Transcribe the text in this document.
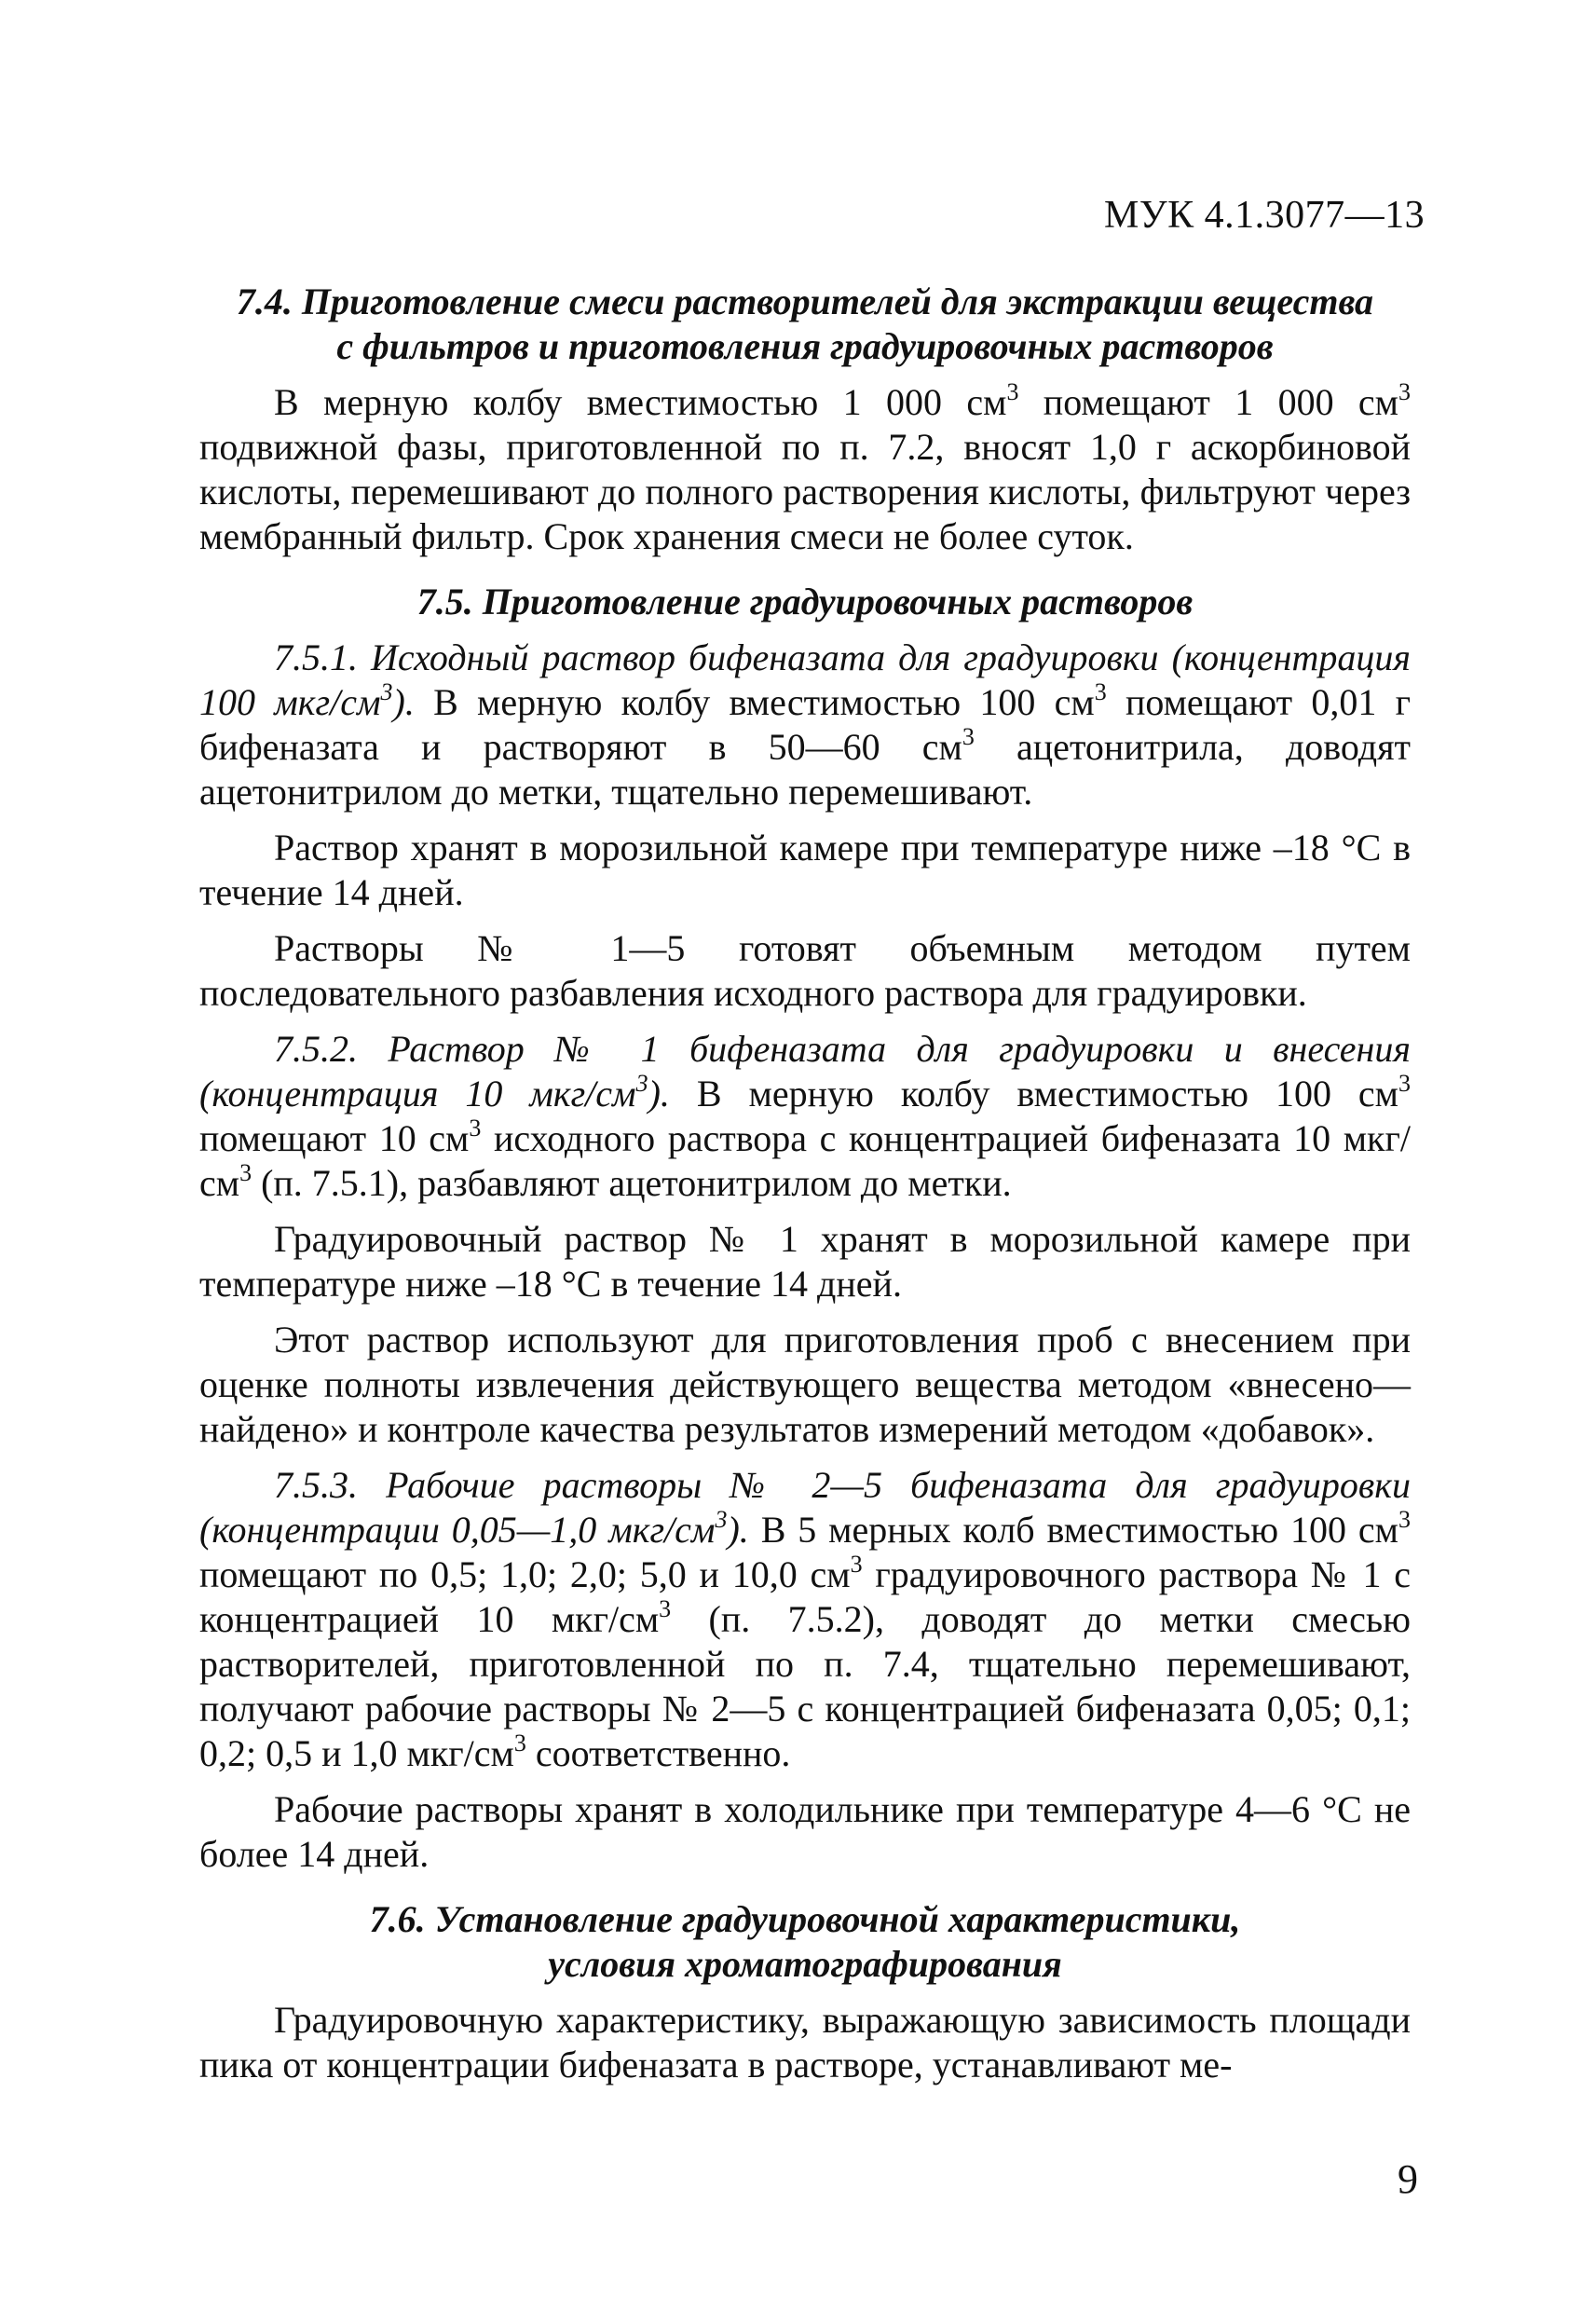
МУК 4.1.3077—13
7.4. Приготовление смеси растворителей для экстракции вещества
с фильтров и приготовления градуировочных растворов

В мерную колбу вместимостью 1 000 $см^3$ помещают 1 000 $см^3$ подвижной фазы, приготовленной по п. 7.2, вносят 1,0 г аскорбиновой кислоты, перемешивают до полного растворения кислоты, фильтруют через мембранный фильтр. Срок хранения смеси не более суток.

7.5. Приготовление градуировочных растворов

7.5.1. Исходный раствор бифеназата для градуировки (концентрация 100 мкг/$см^3$). В мерную колбу вместимостью 100 $см^3$ помещают 0,01 г бифеназата и растворяют в 50—60 $см^3$ ацетонитрила, доводят ацетонитрилом до метки, тщательно перемешивают.

Раствор хранят в морозильной камере при температуре ниже –18 °С в течение 14 дней.

Растворы № 1—5 готовят объемным методом путем последовательного разбавления исходного раствора для градуировки.

7.5.2. Раствор № 1 бифеназата для градуировки и внесения (концентрация 10 мкг/$см^3$). В мерную колбу вместимостью 100 $см^3$ помещают 10 $см^3$ исходного раствора с концентрацией бифеназата 10 мкг/$см^3$ (п. 7.5.1), разбавляют ацетонитрилом до метки.

Градуировочный раствор № 1 хранят в морозильной камере при температуре ниже –18 °С в течение 14 дней.

Этот раствор используют для приготовления проб с внесением при оценке полноты извлечения действующего вещества методом «внесено—найдено» и контроле качества результатов измерений методом «добавок».

7.5.3. Рабочие растворы № 2—5 бифеназата для градуировки (концентрации 0,05—1,0 мкг/$см^3$). В 5 мерных колб вместимостью 100 $см^3$ помещают по 0,5; 1,0; 2,0; 5,0 и 10,0 $см^3$ градуировочного раствора № 1 с концентрацией 10 мкг/$см^3$ (п. 7.5.2), доводят до метки смесью растворителей, приготовленной по п. 7.4, тщательно перемешивают, получают рабочие растворы № 2—5 с концентрацией бифеназата 0,05; 0,1; 0,2; 0,5 и 1,0 мкг/$см^3$ соответственно.

Рабочие растворы хранят в холодильнике при температуре 4—6 °С не более 14 дней.

7.6. Установление градуировочной характеристики,
условия хроматографирования

Градуировочную характеристику, выражающую зависимость площади пика от концентрации бифеназата в растворе, устанавливают ме-

9
